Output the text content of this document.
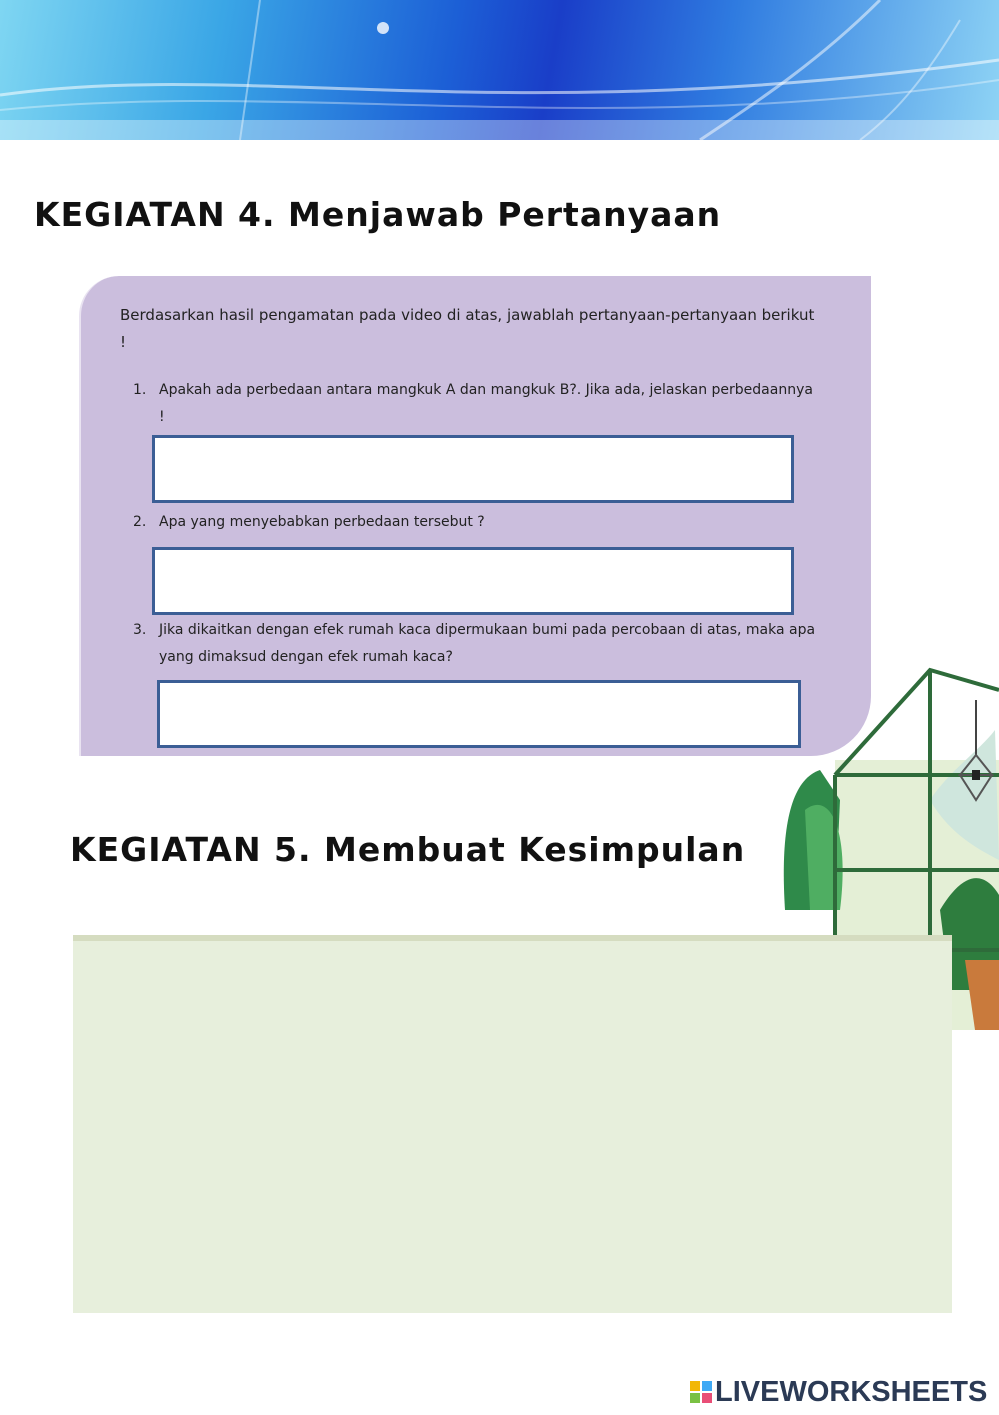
KEGIATAN 4. Menjawab Pertanyaan
Berdasarkan hasil pengamatan pada video di atas, jawablah pertanyaan-pertanyaan berikut !
1. Apakah ada perbedaan antara mangkuk A dan mangkuk B?. Jika ada, jelaskan perbedaannya !
2. Apa yang menyebabkan perbedaan tersebut ?
3. Jika dikaitkan dengan efek rumah kaca dipermukaan bumi pada percobaan di atas, maka apa yang dimaksud dengan efek rumah kaca?
KEGIATAN 5. Membuat Kesimpulan
LIVEWORKSHEETS
